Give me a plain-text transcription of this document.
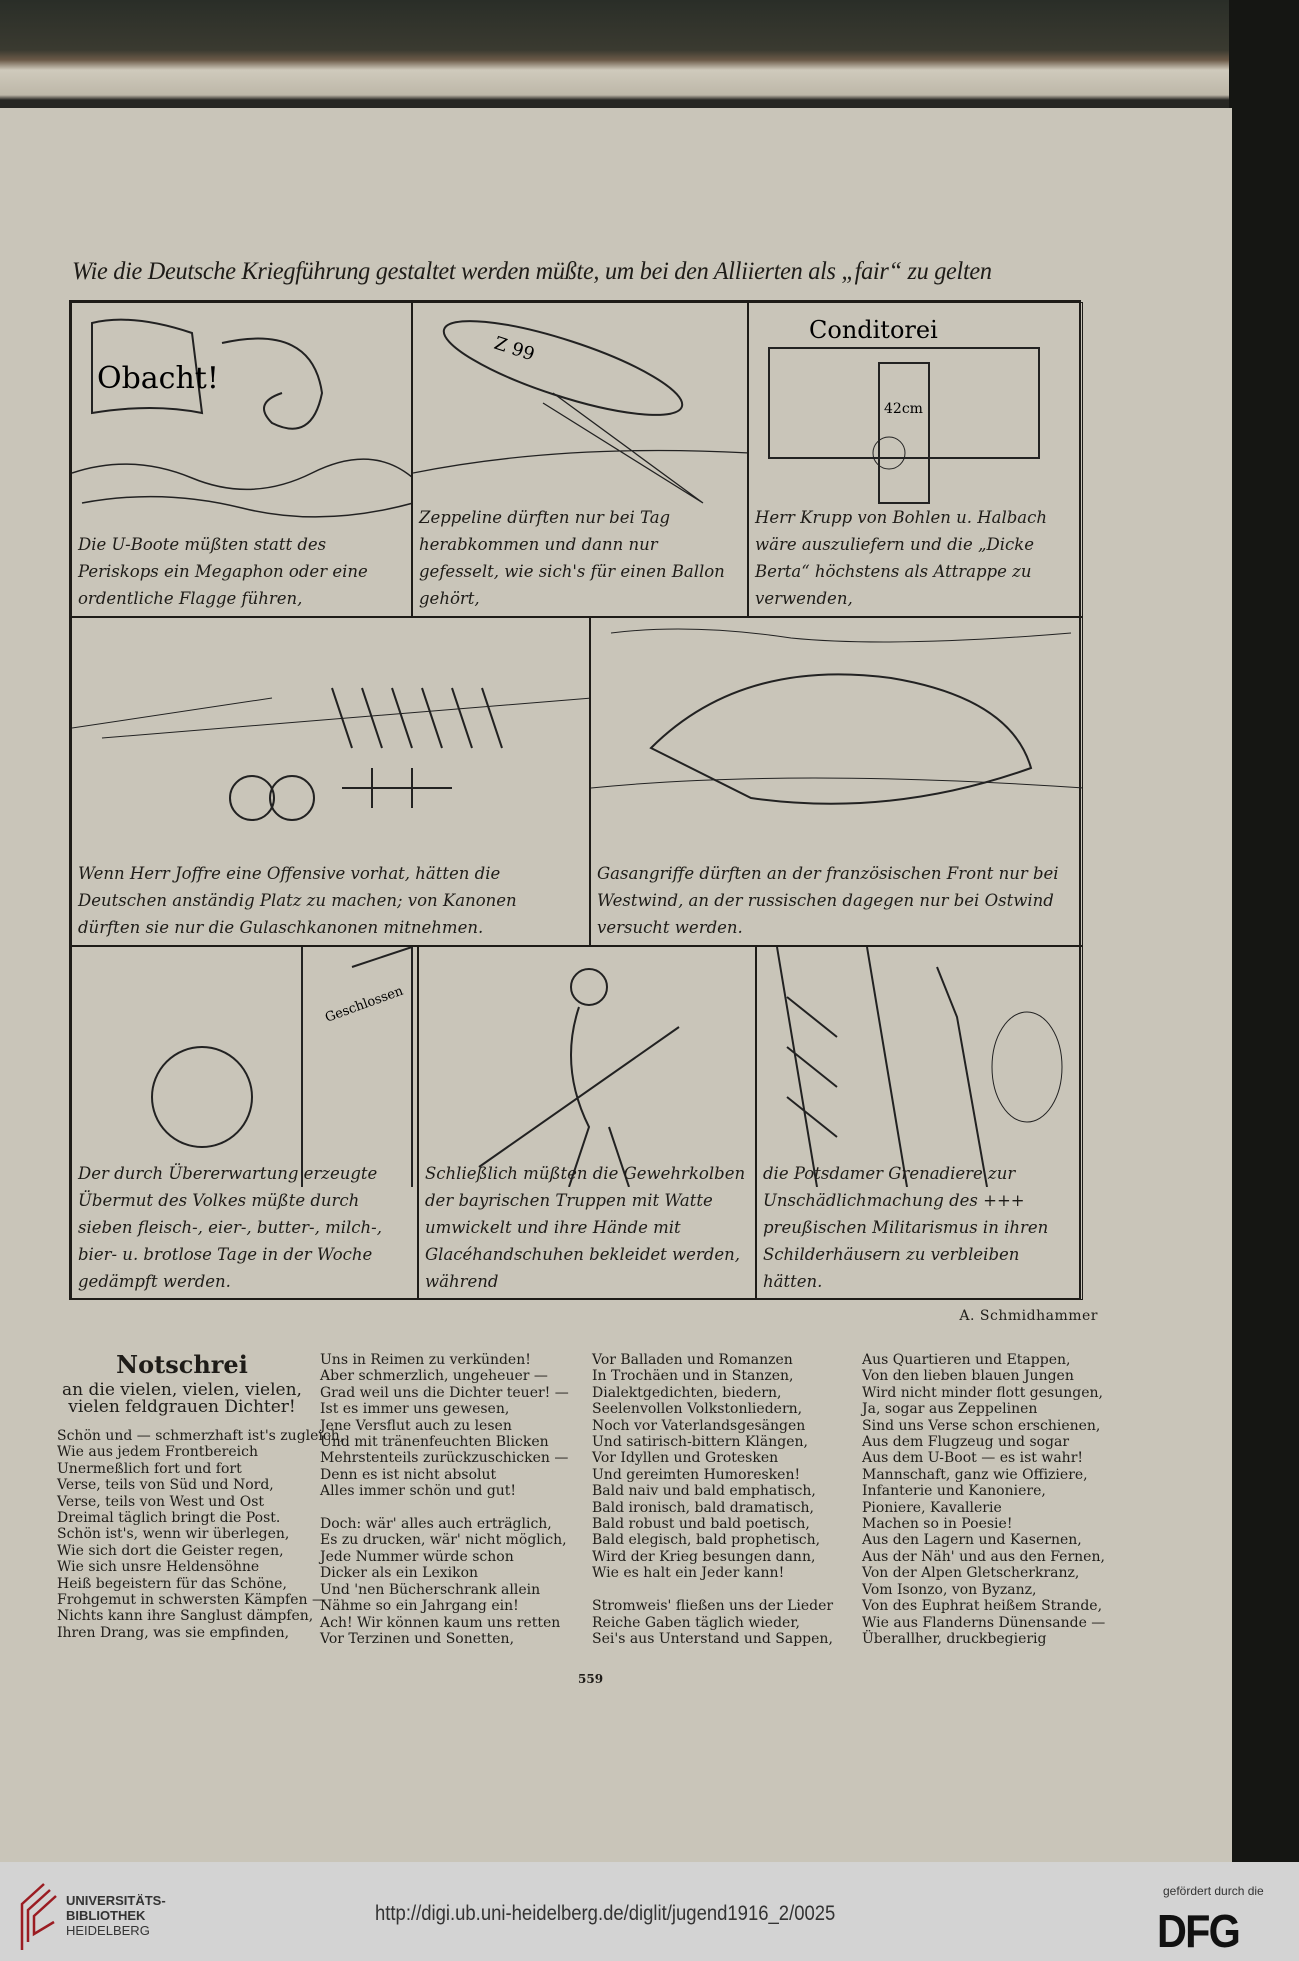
Wie die Deutsche Kriegführung gestaltet werden müßte, um bei den Alliierten als „fair“ zu gelten
Obacht!
Die U-Boote müßten statt des Periskops ein Megaphon oder eine ordentliche Flagge führen,
Z 99
Zeppeline dürften nur bei Tag herabkommen und dann nur gefesselt, wie sich's für einen Ballon gehört,
Conditorei
42cm
Herr Krupp von Bohlen u. Halbach wäre auszuliefern und die „Dicke Berta“ höchstens als Attrappe zu verwenden,
Wenn Herr Joffre eine Offensive vorhat, hätten die Deutschen anständig Platz zu machen; von Kanonen dürften sie nur die Gulaschkanonen mitnehmen.
Gasangriffe dürften an der französischen Front nur bei Westwind, an der russischen dagegen nur bei Ostwind versucht werden.
Geschlossen
Der durch Übererwartung erzeugte Übermut des Volkes müßte durch sieben fleisch-, eier-, butter-, milch-, bier- u. brotlose Tage in der Woche gedämpft werden.
Schließlich müßten die Gewehrkolben der bayrischen Truppen mit Watte umwickelt und ihre Hände mit Glacéhandschuhen bekleidet werden, während
die Potsdamer Grenadiere zur Unschädlichmachung des +++ preußischen Militarismus in ihren Schilderhäusern zu verbleiben hätten.
A. Schmidhammer
Notschrei
an die vielen, vielen, vielen, vielen feldgrauen Dichter!
Schön und — schmerzhaft ist's zugleich,
Wie aus jedem Frontbereich
Unermeßlich fort und fort
Verse, teils von Süd und Nord,
Verse, teils von West und Ost
Dreimal täglich bringt die Post.
Schön ist's, wenn wir überlegen,
Wie sich dort die Geister regen,
Wie sich unsre Heldensöhne
Heiß begeistern für das Schöne,
Frohgemut in schwersten Kämpfen —
Nichts kann ihre Sanglust dämpfen,
Ihren Drang, was sie empfinden,
Uns in Reimen zu verkünden!
Aber schmerzlich, ungeheuer —
Grad weil uns die Dichter teuer! —
Ist es immer uns gewesen,
Jene Versflut auch zu lesen
Und mit tränenfeuchten Blicken
Mehrstenteils zurückzuschicken —
Denn es ist nicht absolut
Alles immer schön und gut!

Doch: wär' alles auch erträglich,
Es zu drucken, wär' nicht möglich,
Jede Nummer würde schon
Dicker als ein Lexikon
Und 'nen Bücherschrank allein
Nähme so ein Jahrgang ein!
Ach! Wir können kaum uns retten
Vor Terzinen und Sonetten,
Vor Balladen und Romanzen
In Trochäen und in Stanzen,
Dialektgedichten, biedern,
Seelenvollen Volkstonliedern,
Noch vor Vaterlandsgesängen
Und satirisch-bittern Klängen,
Vor Idyllen und Grotesken
Und gereimten Humoresken!
Bald naiv und bald emphatisch,
Bald ironisch, bald dramatisch,
Bald robust und bald poetisch,
Bald elegisch, bald prophetisch,
Wird der Krieg besungen dann,
Wie es halt ein Jeder kann!

Stromweis' fließen uns der Lieder
Reiche Gaben täglich wieder,
Sei's aus Unterstand und Sappen,
Aus Quartieren und Etappen,
Von den lieben blauen Jungen
Wird nicht minder flott gesungen,
Ja, sogar aus Zeppelinen
Sind uns Verse schon erschienen,
Aus dem Flugzeug und sogar
Aus dem U-Boot — es ist wahr!
Mannschaft, ganz wie Offiziere,
Infanterie und Kanoniere,
Pioniere, Kavallerie
Machen so in Poesie!
Aus den Lagern und Kasernen,
Aus der Näh' und aus den Fernen,
Von der Alpen Gletscherkranz,
Vom Isonzo, von Byzanz,
Von des Euphrat heißem Strande,
Wie aus Flanderns Dünensande —
Überallher, druckbegierig
559
UNIVERSITÄTS-
BIBLIOTHEK
HEIDELBERG
http://digi.ub.uni-heidelberg.de/diglit/jugend1916_2/0025
gefördert durch die
DFG
